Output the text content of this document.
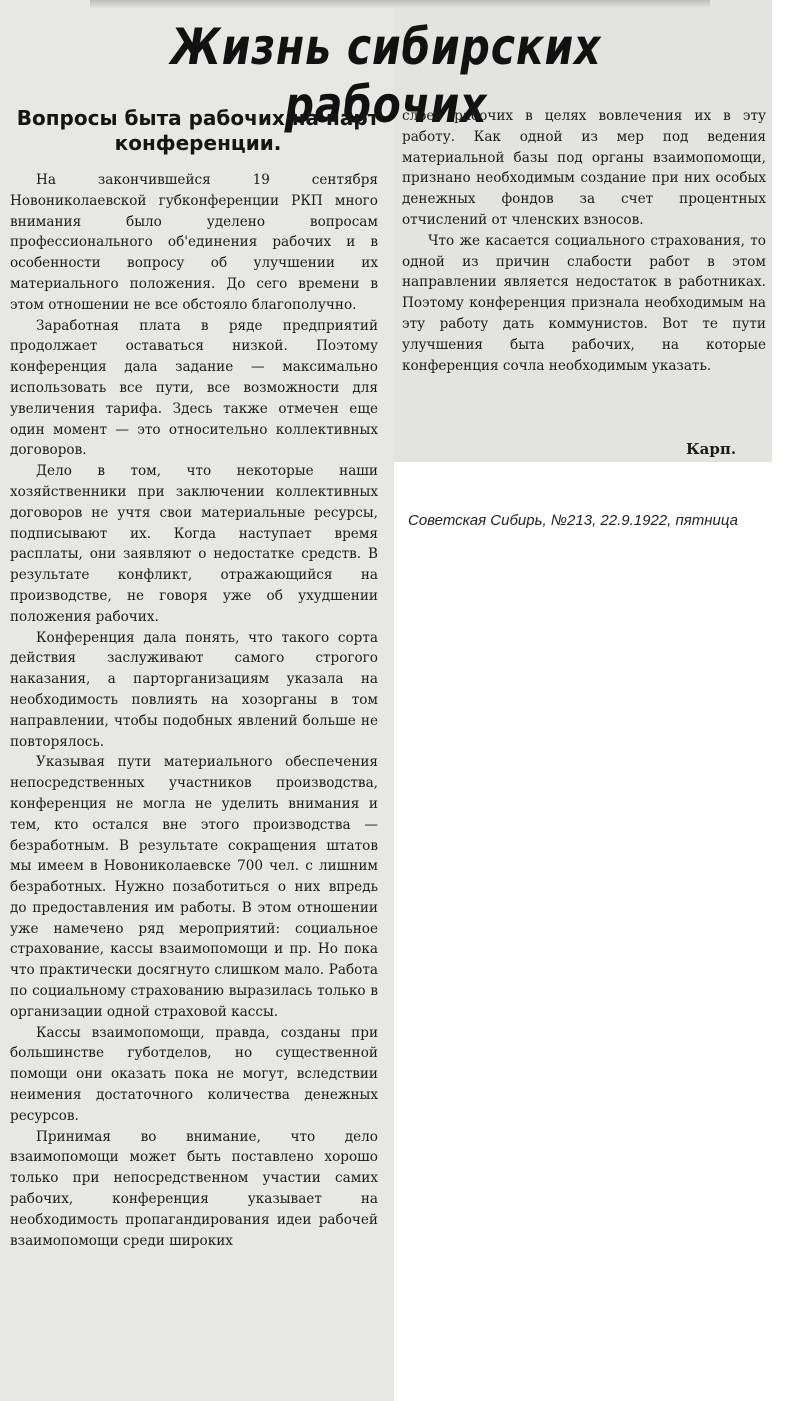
Жизнь сибирских рабочих
Вопросы быта рабочих на парт конференции.

На закончившейся 19 сентября Новониколаевской губконференции РКП много внимания было уделено вопросам профессионального об'единения рабочих и в особенности вопросу об улучшении их материального положения. До сего времени в этом отношении не все обстояло благополучно.

Заработная плата в ряде предприятий продолжает оставаться низкой. Поэтому конференция дала задание — максимально использовать все пути, все возможности для увеличения тарифа. Здесь также отмечен еще один момент — это относительно коллективных договоров.

Дело в том, что некоторые наши хозяйственники при заключении коллективных договоров не учтя свои материальные ресурсы, подписывают их. Когда наступает время расплаты, они заявляют о недостатке средств. В результате конфликт, отражающийся на производстве, не говоря уже об ухудшении положения рабочих.

Конференция дала понять, что такого сорта действия заслуживают самого строгого наказания, а парторганизациям указала на необходимость повлиять на хозорганы в том направлении, чтобы подобных явлений больше не повторялось.

Указывая пути материального обеспечения непосредственных участников производства, конференция не могла не уделить внимания и тем, кто остался вне этого производства — безработным. В результате сокращения штатов мы имеем в Новониколаевске 700 чел. с лишним безработных. Нужно позаботиться о них впредь до предоставления им работы. В этом отношении уже намечено ряд мероприятий: социальное страхование, кассы взаимопомощи и пр. Но пока что практически досягнуто слишком мало. Работа по социальному страхованию выразилась только в организации одной страховой кассы.

Кассы взаимопомощи, правда, созданы при большинстве губотделов, но существенной помощи они оказать пока не могут, вследствии неимения достаточного количества денежных ресурсов.

Принимая во внимание, что дело взаимопомощи может быть поставлено хорошо только при непосредственном участии самих рабочих, конференция указывает на необходимость пропагандирования идеи рабочей взаимопомощи среди широких

слоев рабочих в целях вовлечения их в эту работу. Как одной из мер под ведения материальной базы под органы взаимопомощи, признано необходимым создание при них особых денежных фондов за счет процентных отчислений от членских взносов.

Что же касается социального страхования, то одной из причин слабости работ в этом направлении является недостаток в работниках. Поэтому конференция признала необходимым на эту работу дать коммунистов. Вот те пути улучшения быта рабочих, на которые конференция сочла необходимым указать.

Карп.
Советская Сибирь, №213, 22.9.1922, пятница
